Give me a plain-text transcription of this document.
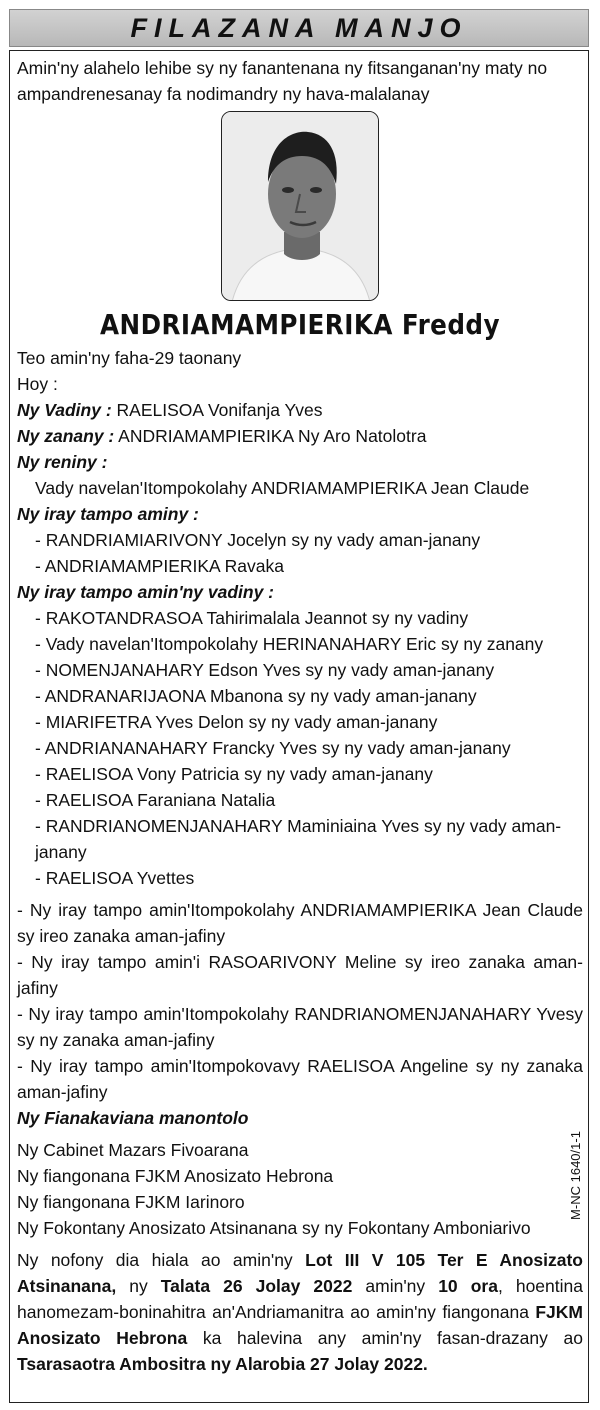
FILAZANA MANJO
Amin'ny alahelo lehibe sy ny fanantenana ny fitsanganan'ny maty no ampandrenesanay fa nodimandry ny hava-malalanay
ANDRIAMAMPIERIKA Freddy
Teo amin'ny faha-29 taonany
Hoy :
Ny Vadiny : RAELISOA Vonifanja Yves
Ny zanany : ANDRIAMAMPIERIKA Ny Aro Natolotra
Ny reniny :
Vady navelan'Itompokolahy ANDRIAMAMPIERIKA Jean Claude
Ny iray tampo aminy :
- RANDRIAMIARIVONY Jocelyn sy ny vady aman-janany
- ANDRIAMAMPIERIKA Ravaka
Ny iray tampo amin'ny vadiny :
- RAKOTANDRASOA Tahirimalala Jeannot sy ny vadiny
- Vady navelan'Itompokolahy HERINANAHARY Eric sy ny zanany
- NOMENJANAHARY Edson Yves sy ny vady aman-janany
- ANDRANARIJAONA Mbanona sy ny vady aman-janany
- MIARIFETRA Yves Delon sy ny vady aman-janany
- ANDRIANANAHARY Francky Yves sy ny vady aman-janany
- RAELISOA Vony Patricia sy ny vady aman-janany
- RAELISOA Faraniana Natalia
- RANDRIANOMENJANAHARY Maminiaina Yves sy ny vady aman-
janany
- RAELISOA Yvettes
- Ny iray tampo amin'Itompokolahy ANDRIAMAMPIERIKA Jean Claude sy ireo zanaka aman-jafiny
- Ny iray tampo amin'i RASOARIVONY Meline sy ireo zanaka aman-jafiny
- Ny iray tampo amin'Itompokolahy RANDRIANOMENJANAHARY Yvesy sy ny zanaka aman-jafiny
- Ny iray tampo amin'Itompokovavy RAELISOA Angeline sy ny zanaka aman-jafiny
Ny Fianakaviana manontolo
Ny Cabinet Mazars Fivoarana
Ny fiangonana FJKM Anosizato Hebrona
Ny fiangonana FJKM Iarinoro
Ny Fokontany Anosizato Atsinanana sy ny Fokontany Amboniarivo
Ny nofony dia hiala ao amin'ny Lot III V 105 Ter E Anosizato Atsinanana, ny Talata 26 Jolay 2022 amin'ny 10 ora, hoentina hanomezam-boninahitra an'Andriamanitra ao amin'ny fiangonana FJKM Anosizato Hebrona ka halevina any amin'ny fasan-drazany ao Tsarasaotra Ambositra ny Alarobia 27 Jolay 2022.
M-NC 1640/1-1
